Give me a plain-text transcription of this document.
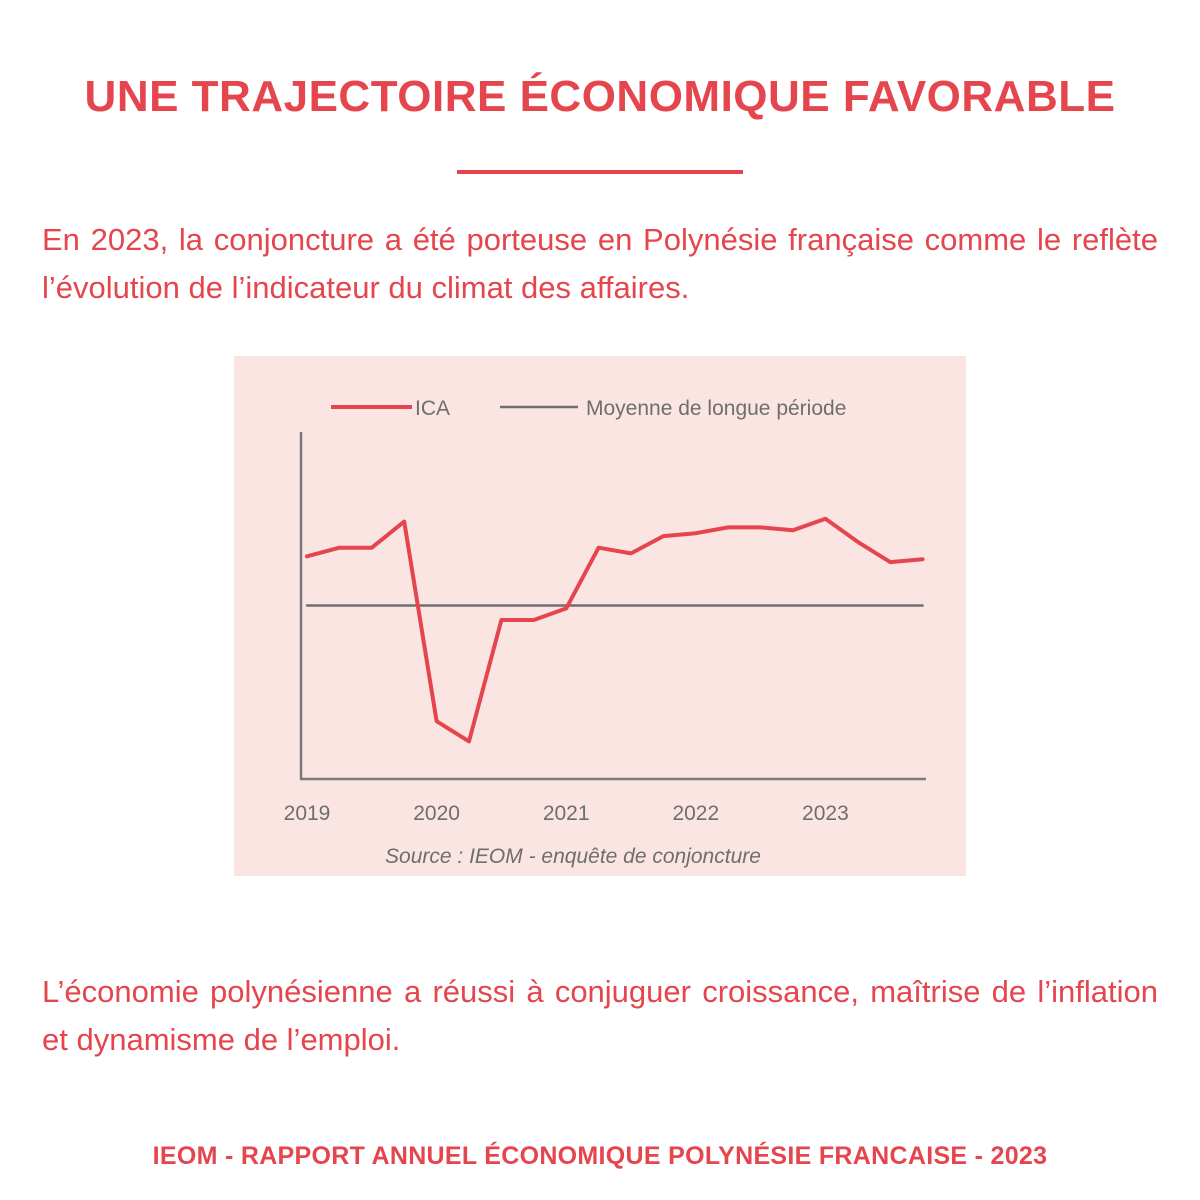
UNE TRAJECTOIRE ÉCONOMIQUE FAVORABLE

En 2023, la conjoncture a été porteuse en Polynésie française comme le reflète l’évolution de l’indicateur du climat des affaires.

ICA	Moyenne de longue période
2019	2020	2021	2022	2023
Source : IEOM - enquête de conjoncture

L’économie polynésienne a réussi à conjuguer croissance, maîtrise de l’inflation et dynamisme de l’emploi.

IEOM - RAPPORT ANNUEL ÉCONOMIQUE POLYNÉSIE FRANCAISE - 2023
